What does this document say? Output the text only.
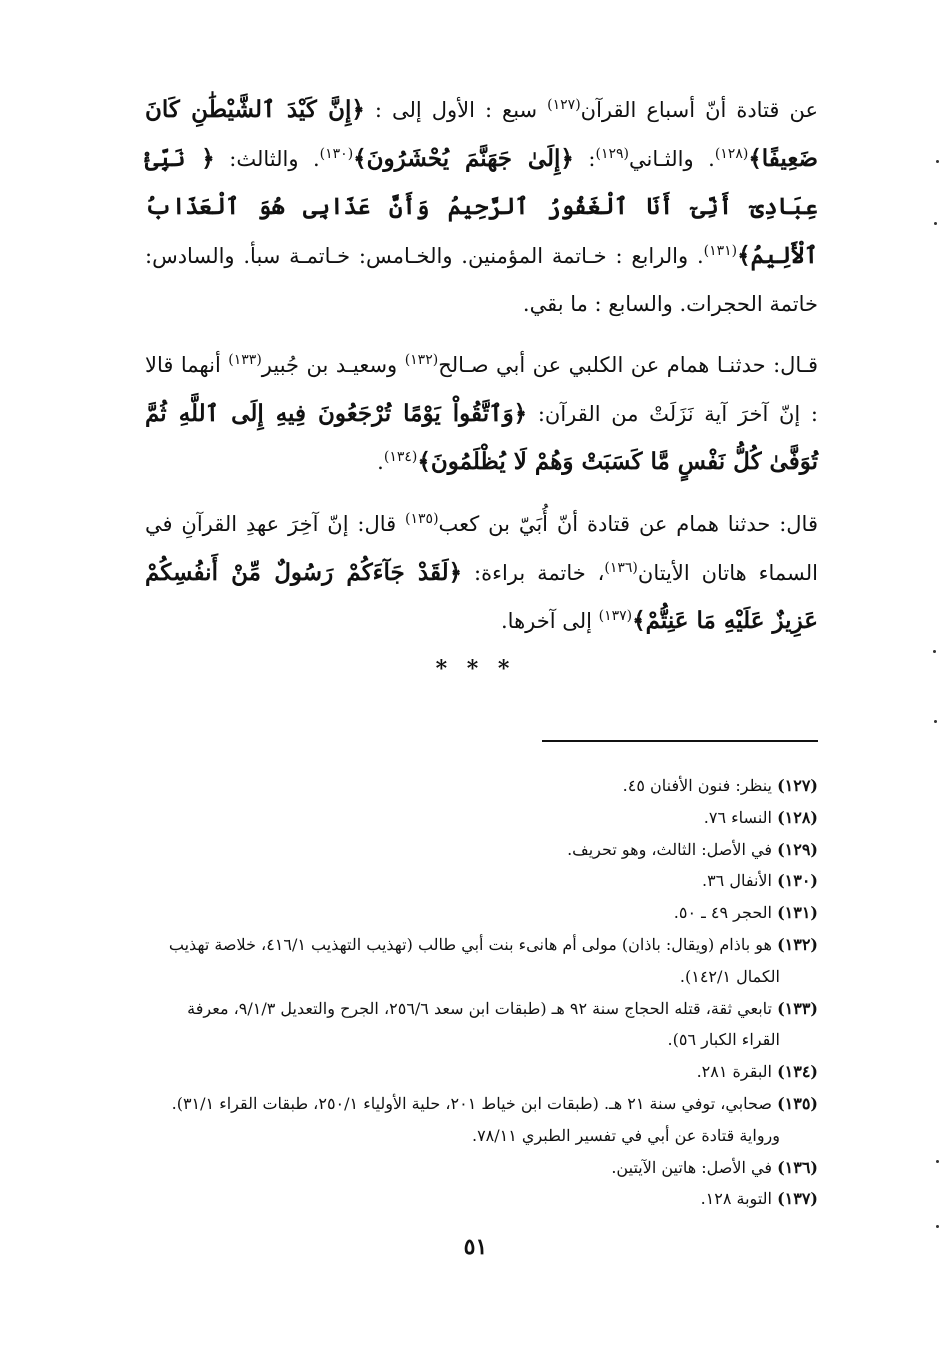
عن قتادة أنّ أسباع القرآن$^{(١٢٧)}$ سبع : الأول إلى : ﴿إِنَّ كَيْدَ ٱلشَّيْطَٰنِ كَانَ ضَعِيفًا﴾$^{(١٢٨)}$. والثـاني$^{(١٢٩)}$: ﴿إِلَىٰ جَهَنَّمَ يُحْشَرُونَ﴾$^{(١٣٠)}$. والثالث: ﴿ نَبِّئْ عِبَادِىٓ أَنِّىٓ أَنَا ٱلْغَفُورُ ٱلرَّحِيمُ وَأَنَّ عَذَابِى هُوَ ٱلْعَذَابُ ٱلْأَلِيمُ﴾$^{(١٣١)}$. والرابع : خـاتمة المؤمنين. والخـامس: خـاتمـة سبأ. والسادس: خاتمة الحجرات. والسابع : ما بقي.
قـال: حدثنـا همام عن الكلبي عن أبي صـالح$^{(١٣٢)}$ وسعيـد بن جُبير$^{(١٣٣)}$ أنهما قالا : إنّ آخرَ آية نَزَلَتْ من القرآن: ﴿وَٱتَّقُواْ يَوْمًا تُرْجَعُونَ فِيهِ إِلَى ٱللَّهِ ثُمَّ تُوَفَّىٰ كُلُّ نَفْسٍ مَّا كَسَبَتْ وَهُمْ لَا يُظْلَمُونَ﴾$^{(١٣٤)}$.
قال: حدثنا همام عن قتادة أنّ أُبَيّ بن كعب$^{(١٣٥)}$ قال: إنّ آخِرَ عهدِ القرآنِ في السماء هاتان الأيتان$^{(١٣٦)}$، خاتمة براءة: ﴿لَقَدْ جَآءَكُمْ رَسُولٌ مِّنْ أَنفُسِكُمْ عَزِيزٌ عَلَيْهِ مَا عَنِتُّمْ﴾$^{(١٣٧)}$ إلى آخرها.
* * *
(١٢٧) ينظر: فنون الأفنان ٤٥.
(١٢٨) النساء ٧٦.
(١٢٩) في الأصل: الثالث، وهو تحريف.
(١٣٠) الأنفال ٣٦.
(١٣١) الحجر ٤٩ ـ ٥٠.
(١٣٢) هو باذام (ويقال: باذان) مولى أم هانىء بنت أبي طالب (تهذيب التهذيب ٤١٦/١، خلاصة تهذيب الكمال ١٤٢/١).
(١٣٣) تابعي ثقة، قتله الحجاج سنة ٩٢ هـ (طبقات ابن سعد ٢٥٦/٦، الجرح والتعديل ٩/١/٣، معرفة القراء الكبار ٥٦).
(١٣٤) البقرة ٢٨١.
(١٣٥) صحابي، توفي سنة ٢١ هـ. (طبقات ابن خياط ٢٠١، حلية الأولياء ٢٥٠/١، طبقات القراء ٣١/١). ورواية قتادة عن أبي في تفسير الطبري ٧٨/١١.
(١٣٦) في الأصل: هاتين الآيتين.
(١٣٧) التوبة ١٢٨.
٥١
